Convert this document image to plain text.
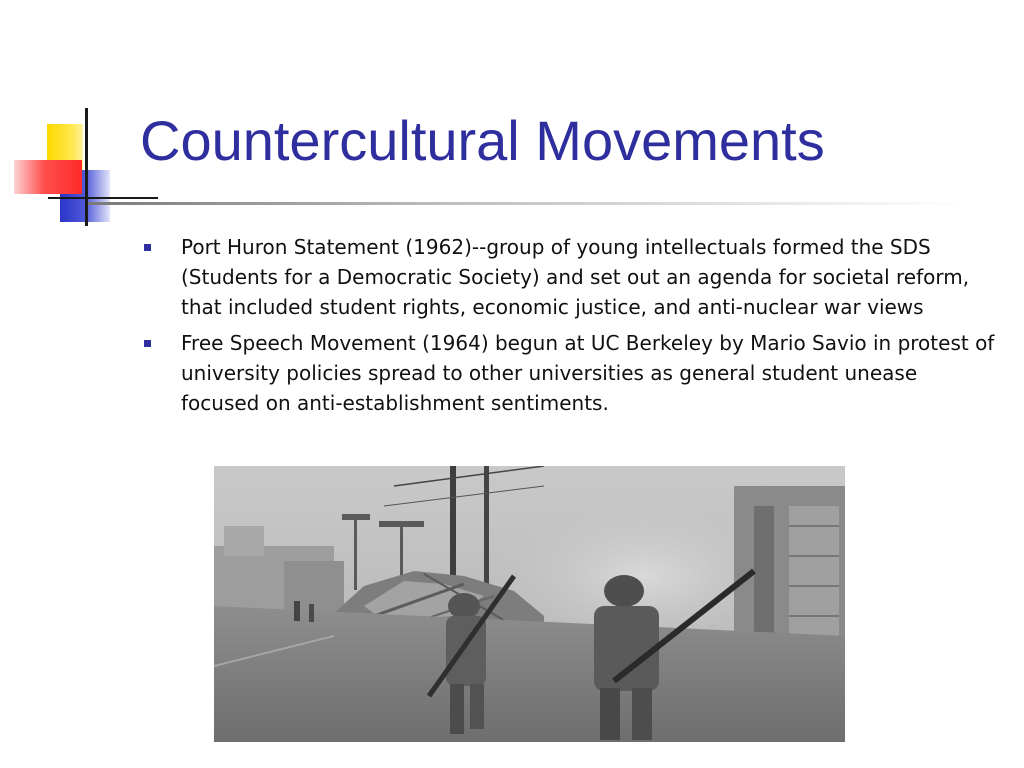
Countercultural Movements
Port Huron Statement (1962)--group of young intellectuals formed the SDS (Students for a Democratic Society) and set out an agenda for societal reform, that included student rights, economic justice, and anti-nuclear war views
Free Speech Movement (1964) begun at UC Berkeley by Mario Savio in protest of university policies spread to other universities as general student unease focused on anti-establishment sentiments.
